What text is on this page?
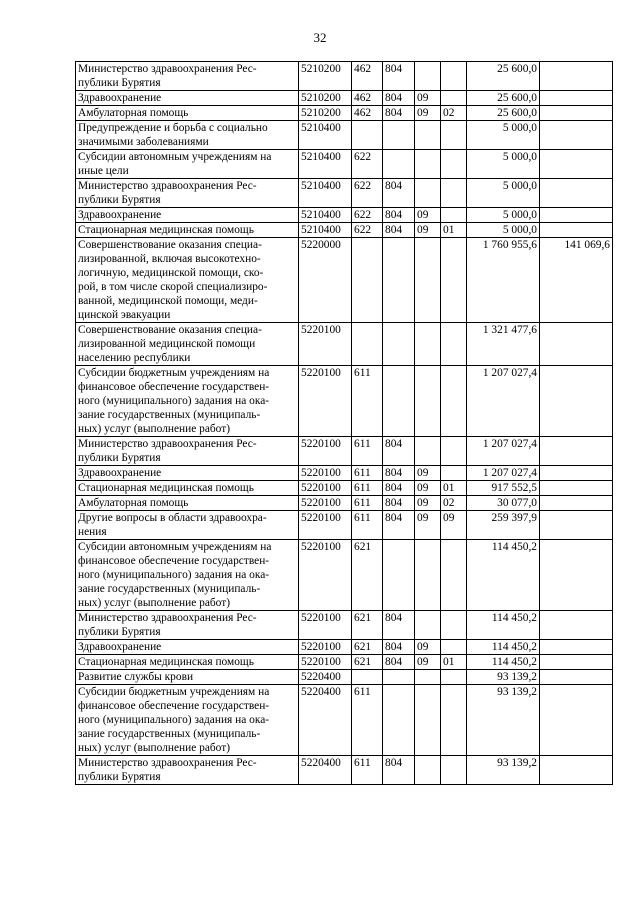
32
Министерство здравоохранения Рес-
публики Бурятия	5210200	462	804			25 600,0	

Здравоохранение	5210200	462	804	09		25 600,0	

Амбулаторная помощь	5210200	462	804	09	02	25 600,0	

Предупреждение и борьба с социально
значимыми заболеваниями	5210400					5 000,0	

Субсидии автономным учреждениям на
иные цели	5210400	622				5 000,0	

Министерство здравоохранения Рес-
публики Бурятия	5210400	622	804			5 000,0	

Здравоохранение	5210400	622	804	09		5 000,0	

Стационарная медицинская помощь	5210400	622	804	09	01	5 000,0	

Совершенствование оказания специа-
лизированной, включая высокотехно-
логичную, медицинской помощи, ско-
рой, в том числе скорой специализиро-
ванной, медицинской помощи, меди-
цинской эвакуации
	5220000					1 760 955,6	141 069,6

Совершенствование оказания специа-
лизированной медицинской помощи
населению республики	5220100					1 321 477,6	

Субсидии бюджетным учреждениям на
финансовое обеспечение государствен-
ного (муниципального) задания на ока-
зание государственных (муниципаль-
ных) услуг (выполнение работ)	5220100	611				1 207 027,4	

Министерство здравоохранения Рес-
публики Бурятия	5220100	611	804			1 207 027,4	

Здравоохранение	5220100	611	804	09		1 207 027,4	

Стационарная медицинская помощь	5220100	611	804	09	01	917 552,5	

Амбулаторная помощь	5220100	611	804	09	02	30 077,0	

Другие вопросы в области здравоохра-
нения	5220100	611	804	09	09	259 397,9	

Субсидии автономным учреждениям на
финансовое обеспечение государствен-
ного (муниципального) задания на ока-
зание государственных (муниципаль-
ных) услуг (выполнение работ)	5220100	621				114 450,2	

Министерство здравоохранения Рес-
публики Бурятия	5220100	621	804			114 450,2	

Здравоохранение	5220100	621	804	09		114 450,2	

Стационарная медицинская помощь	5220100	621	804	09	01	114 450,2	

Развитие службы крови	5220400					93 139,2	

Субсидии бюджетным учреждениям на
финансовое обеспечение государствен-
ного (муниципального) задания на ока-
зание государственных (муниципаль-
ных) услуг (выполнение работ)	5220400	611				93 139,2	

Министерство здравоохранения Рес-
публики Бурятия	5220400	611	804			93 139,2	
